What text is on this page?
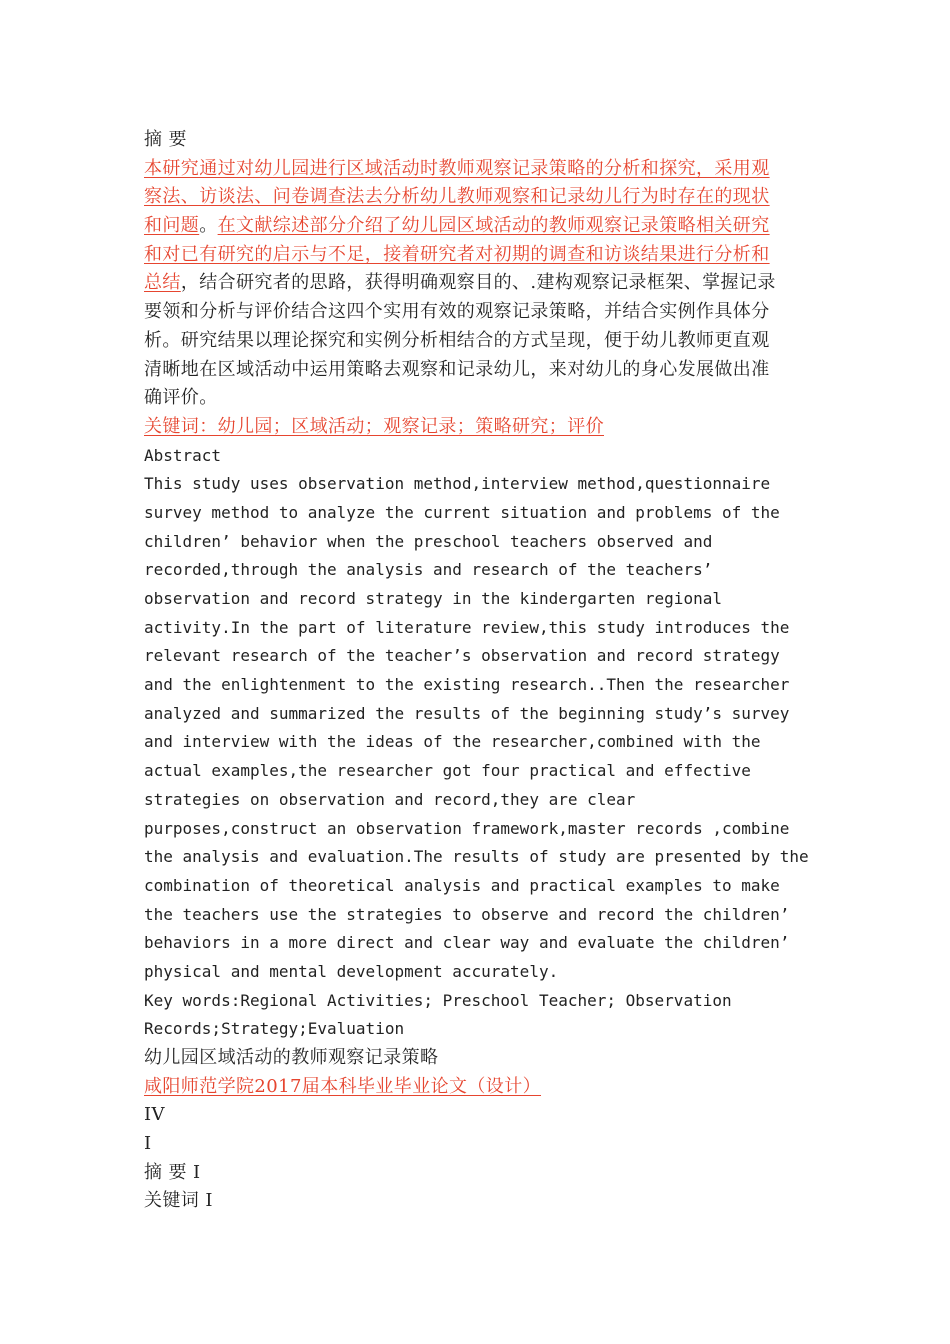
摘 要
本研究通过对幼儿园进行区域活动时教师观察记录策略的分析和探究，采用观
察法、访谈法、问卷调查法去分析幼儿教师观察和记录幼儿行为时存在的现状
和问题。在文献综述部分介绍了幼儿园区域活动的教师观察记录策略相关研究
和对已有研究的启示与不足，接着研究者对初期的调查和访谈结果进行分析和
总结，结合研究者的思路，获得明确观察目的、.建构观察记录框架、掌握记录
要领和分析与评价结合这四个实用有效的观察记录策略，并结合实例作具体分
析。研究结果以理论探究和实例分析相结合的方式呈现，便于幼儿教师更直观
清晰地在区域活动中运用策略去观察和记录幼儿，来对幼儿的身心发展做出准
确评价。
关键词：幼儿园；区域活动；观察记录；策略研究；评价
Abstract
This study uses observation method,interview method,questionnaire
survey method to analyze the current situation and problems of the
children’ behavior when the preschool teachers observed and
recorded,through the analysis and research of the teachers’
observation and record strategy in the kindergarten regional
activity.In the part of literature review,this study introduces the
relevant research of the teacher’s observation and record strategy
and the enlightenment to the existing research..Then the researcher
analyzed and summarized the results of the beginning study’s survey
and interview with the ideas of the researcher,combined with the
actual examples,the researcher got four practical and effective
strategies on observation and record,they are clear
purposes,construct an observation framework,master records ,combine
the analysis and evaluation.The results of study are presented by the
combination of theoretical analysis and practical examples to make
the teachers use the strategies to observe and record the children’
behaviors in a more direct and clear way and evaluate the children’
physical and mental development accurately.
Key words:Regional Activities; Preschool Teacher; Observation
Records;Strategy;Evaluation
幼儿园区域活动的教师观察记录策略
咸阳师范学院2017届本科毕业毕业论文（设计）
IV
I
摘 要 I
关键词 I
